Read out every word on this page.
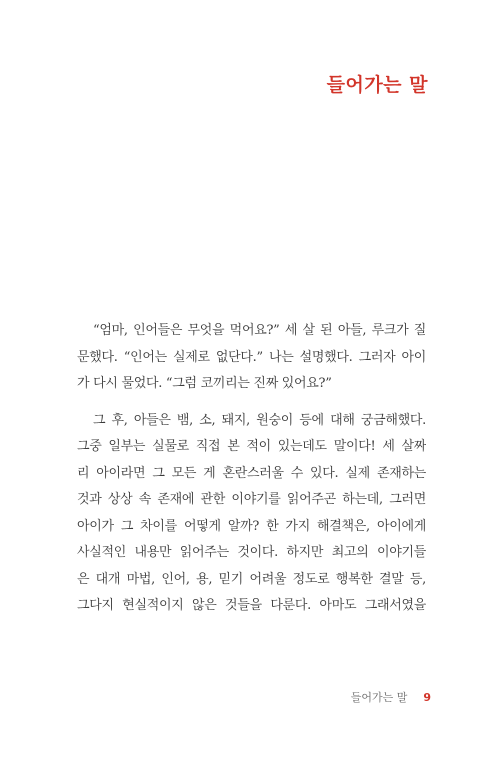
들어가는 말
“엄마, 인어들은 무엇을 먹어요?” 세 살 된 아들, 루크가 질
문했다. “인어는 실제로 없단다.” 나는 설명했다. 그러자 아이
가 다시 물었다. “그럼 코끼리는 진짜 있어요?”
그 후, 아들은 뱀, 소, 돼지, 원숭이 등에 대해 궁금해했다.
그중 일부는 실물로 직접 본 적이 있는데도 말이다! 세 살짜
리 아이라면 그 모든 게 혼란스러울 수 있다. 실제 존재하는
것과 상상 속 존재에 관한 이야기를 읽어주곤 하는데, 그러면
아이가 그 차이를 어떻게 알까? 한 가지 해결책은, 아이에게
사실적인 내용만 읽어주는 것이다. 하지만 최고의 이야기들
은 대개 마법, 인어, 용, 믿기 어려울 정도로 행복한 결말 등,
그다지 현실적이지 않은 것들을 다룬다. 아마도 그래서였을
들어가는 말 9
